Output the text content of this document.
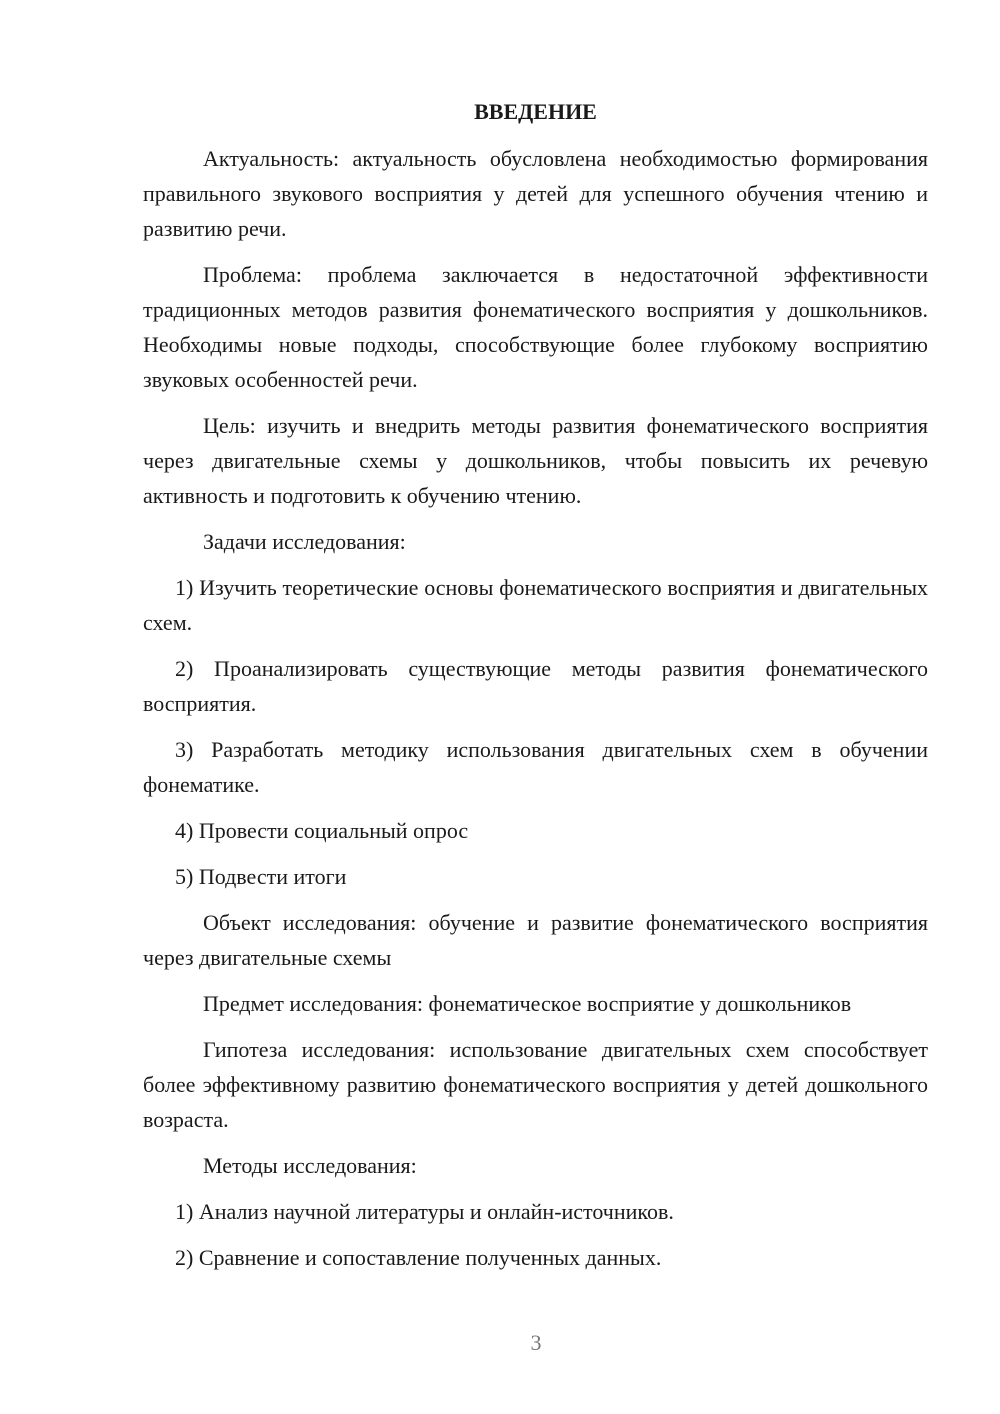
ВВЕДЕНИЕ

Актуальность: актуальность обусловлена необходимостью формирования правильного звукового восприятия у детей для успешного обучения чтению и развитию речи.

Проблема: проблема заключается в недостаточной эффективности традиционных методов развития фонематического восприятия у дошкольников. Необходимы новые подходы, способствующие более глубокому восприятию звуковых особенностей речи.

Цель: изучить и внедрить методы развития фонематического восприятия через двигательные схемы у дошкольников, чтобы повысить их речевую активность и подготовить к обучению чтению.

Задачи исследования:

1) Изучить теоретические основы фонематического восприятия и двигательных схем.

2) Проанализировать существующие методы развития фонематического восприятия.

3) Разработать методику использования двигательных схем в обучении фонематике.

4) Провести социальный опрос

5) Подвести итоги

Объект исследования: обучение и развитие фонематического восприятия через двигательные схемы

Предмет исследования: фонематическое восприятие у дошкольников

Гипотеза исследования: использование двигательных схем способствует более эффективному развитию фонематического восприятия у детей дошкольного возраста.

Методы исследования:

1) Анализ научной литературы и онлайн-источников.

2) Сравнение и сопоставление полученных данных.

3
